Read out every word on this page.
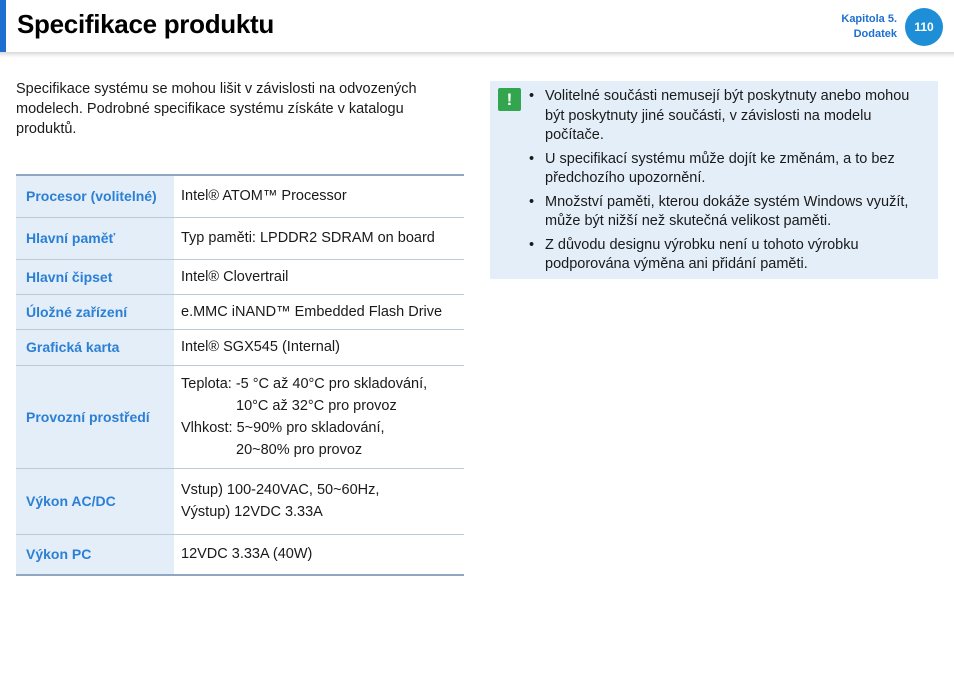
Specifikace produktu	Kapitola 5.
Dodatek	110
Specifikace systému se mohou lišit v závislosti na odvozených modelech. Podrobné specifikace systému získáte v katalogu produktů.
Procesor (volitelné)	Intel® ATOM™ Processor

Hlavní paměť	Typ paměti: LPDDR2 SDRAM on board

Hlavní čipset	Intel® Clovertrail

Úložné zařízení	e.MMC iNAND™ Embedded Flash Drive

Grafická karta	Intel® SGX545 (Internal)

Provozní prostředí	Teplota: -5 °C až 40°C pro skladování,
10°C až 32°C pro provoz
Vlhkost: 5~90% pro skladování,
20~80% pro provoz

Výkon AC/DC	Vstup) 100-240VAC, 50~60Hz,
Výstup) 12VDC 3.33A

Výkon PC	12VDC 3.33A (40W)
!	• Volitelné součásti nemusejí být poskytnuty anebo mohou být poskytnuty jiné součásti, v závislosti na modelu počítače.
• U specifikací systému může dojít ke změnám, a to bez předchozího upozornění.
• Množství paměti, kterou dokáže systém Windows využít, může být nižší než skutečná velikost paměti.
• Z důvodu designu výrobku není u tohoto výrobku podporována výměna ani přidání paměti.
